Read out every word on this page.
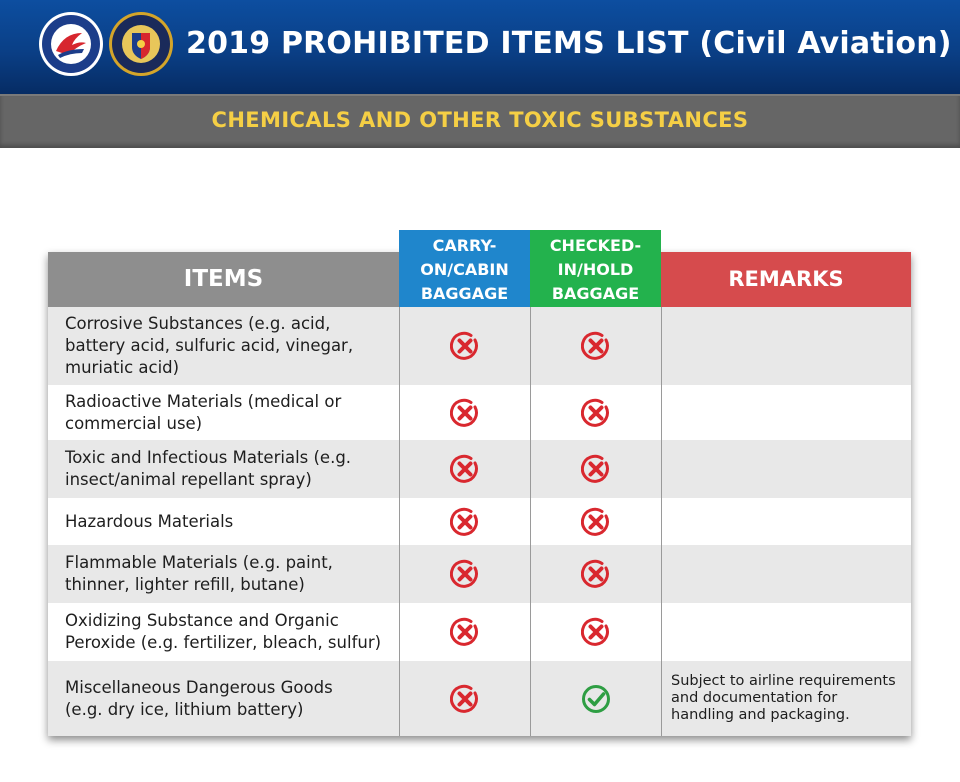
2019 PROHIBITED ITEMS LIST (Civil Aviation)
CHEMICALS AND OTHER TOXIC SUBSTANCES
ITEMS
CARRY-
ON/CABIN
BAGGAGE
CHECKED-
IN/HOLD
BAGGAGE
REMARKS
Corrosive Substances (e.g. acid,
battery acid, sulfuric acid, vinegar,
muriatic acid)
Radioactive Materials (medical or
commercial use)
Toxic and Infectious Materials (e.g.
insect/animal repellant spray)
Hazardous Materials
Flammable Materials (e.g. paint,
thinner, lighter refill, butane)
Oxidizing Substance and Organic
Peroxide (e.g. fertilizer, bleach, sulfur)
Miscellaneous Dangerous Goods
(e.g. dry ice, lithium battery)
Subject to airline requirements
and documentation for
handling and packaging.
